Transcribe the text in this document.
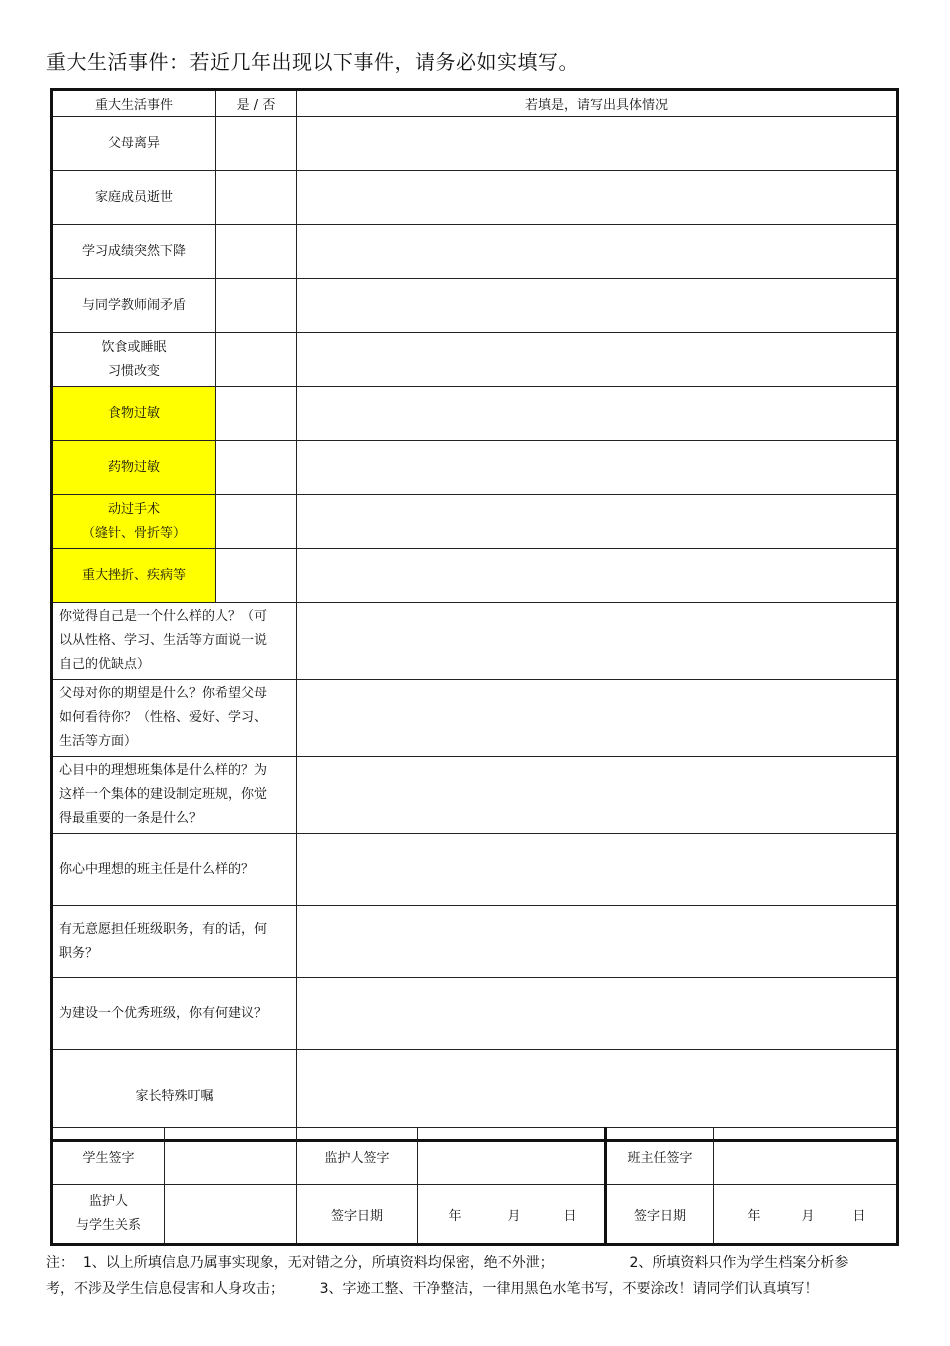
重大生活事件：若近几年出现以下事件，请务必如实填写。
重大生活事件	是 / 否	若填是，请写出具体情况

父母离异		

家庭成员逝世		

学习成绩突然下降		

与同学教师闹矛盾		

饮食或睡眠
习惯改变		

食物过敏		

药物过敏		

动过手术
（缝针、骨折等）		

重大挫折、疾病等		

你觉得自己是一个什么样的人？（可
以从性格、学习、生活等方面说一说
自己的优缺点）		

父母对你的期望是什么？你希望父母
如何看待你？（性格、爱好、学习、
生活等方面）		

心目中的理想班集体是什么样的？为
这样一个集体的建设制定班规，你觉
得最重要的一条是什么？		

你心中理想的班主任是什么样的？		

有无意愿担任班级职务，有的话，何
职务？		

为建设一个优秀班级，你有何建议？		

家长特殊叮嘱		
学生签字		监护人签字		班主任签字	

监护人
与学生关系		签字日期	年 月 日	签字日期	年 月 日
注：  1、以上所填信息乃属事实现象，无对错之分，所填资料均保密，绝不外泄；                 2、所填资料只作为学生档案分析参
考，不涉及学生信息侵害和人身攻击；        3、字迹工整、干净整洁，一律用黑色水笔书写，不要涂改！请同学们认真填写！
